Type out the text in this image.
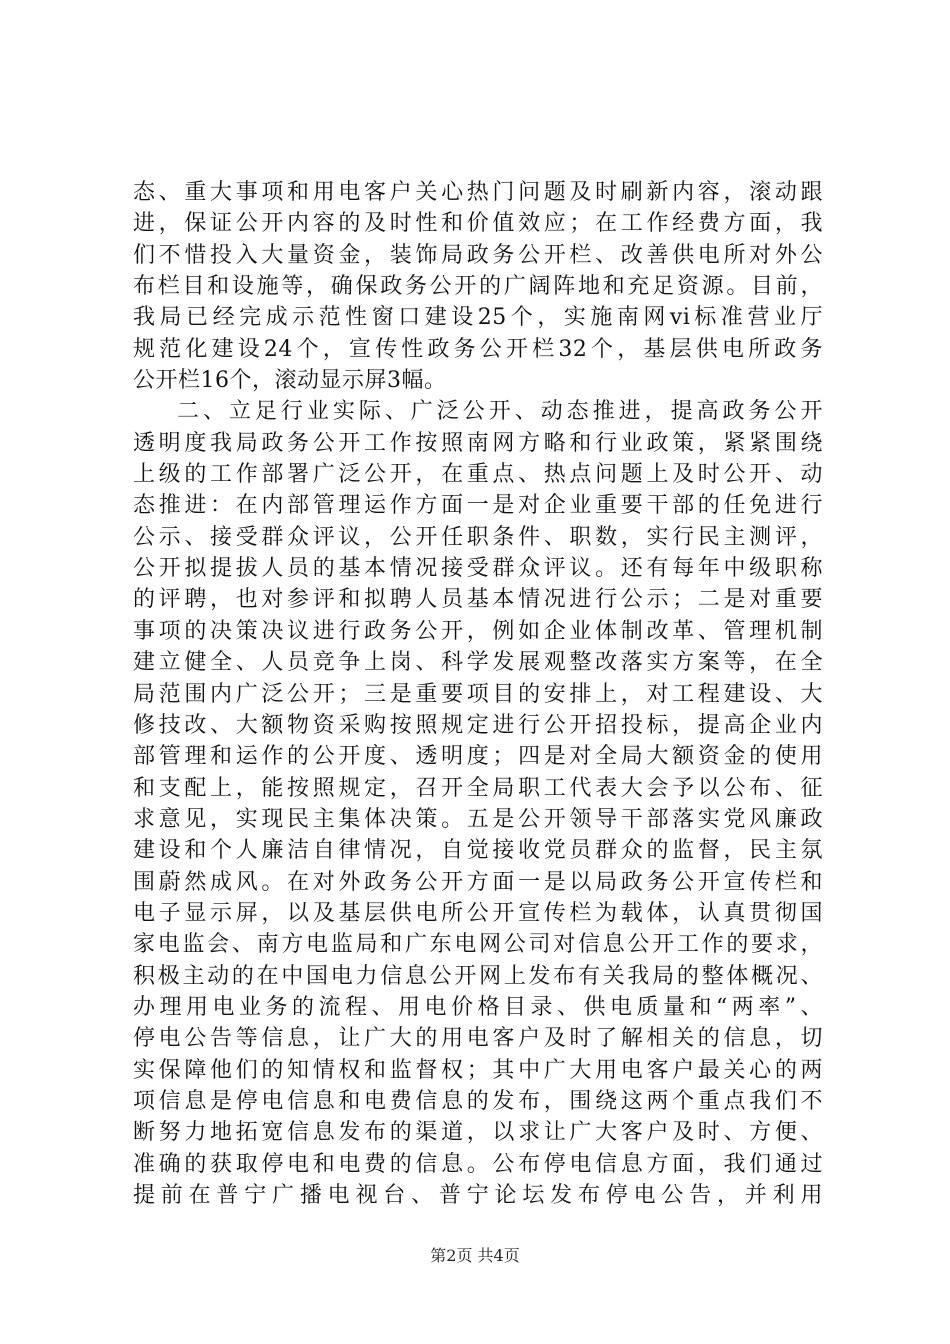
态、重大事项和用电客户关心热门问题及时刷新内容，滚动跟
进，保证公开内容的及时性和价值效应；在工作经费方面，我
们不惜投入大量资金，装饰局政务公开栏、改善供电所对外公
布栏目和设施等，确保政务公开的广阔阵地和充足资源。目前，
我局已经完成示范性窗口建设25个，实施南网vi标准营业厅
规范化建设24个，宣传性政务公开栏32个，基层供电所政务
公开栏16个，滚动显示屏3幅。
二、立足行业实际、广泛公开、动态推进，提高政务公开
透明度我局政务公开工作按照南网方略和行业政策，紧紧围绕
上级的工作部署广泛公开，在重点、热点问题上及时公开、动
态推进：在内部管理运作方面一是对企业重要干部的任免进行
公示、接受群众评议，公开任职条件、职数，实行民主测评，
公开拟提拔人员的基本情况接受群众评议。还有每年中级职称
的评聘，也对参评和拟聘人员基本情况进行公示；二是对重要
事项的决策决议进行政务公开，例如企业体制改革、管理机制
建立健全、人员竞争上岗、科学发展观整改落实方案等，在全
局范围内广泛公开；三是重要项目的安排上，对工程建设、大
修技改、大额物资采购按照规定进行公开招投标，提高企业内
部管理和运作的公开度、透明度；四是对全局大额资金的使用
和支配上，能按照规定，召开全局职工代表大会予以公布、征
求意见，实现民主集体决策。五是公开领导干部落实党风廉政
建设和个人廉洁自律情况，自觉接收党员群众的监督，民主氛
围蔚然成风。在对外政务公开方面一是以局政务公开宣传栏和
电子显示屏，以及基层供电所公开宣传栏为载体，认真贯彻国
家电监会、南方电监局和广东电网公司对信息公开工作的要求，
积极主动的在中国电力信息公开网上发布有关我局的整体概况、
办理用电业务的流程、用电价格目录、供电质量和“两率”、
停电公告等信息，让广大的用电客户及时了解相关的信息，切
实保障他们的知情权和监督权；其中广大用电客户最关心的两
项信息是停电信息和电费信息的发布，围绕这两个重点我们不
断努力地拓宽信息发布的渠道，以求让广大客户及时、方便、
准确的获取停电和电费的信息。公布停电信息方面，我们通过
提前在普宁广播电视台、普宁论坛发布停电公告，并利用
第2页 共4页
